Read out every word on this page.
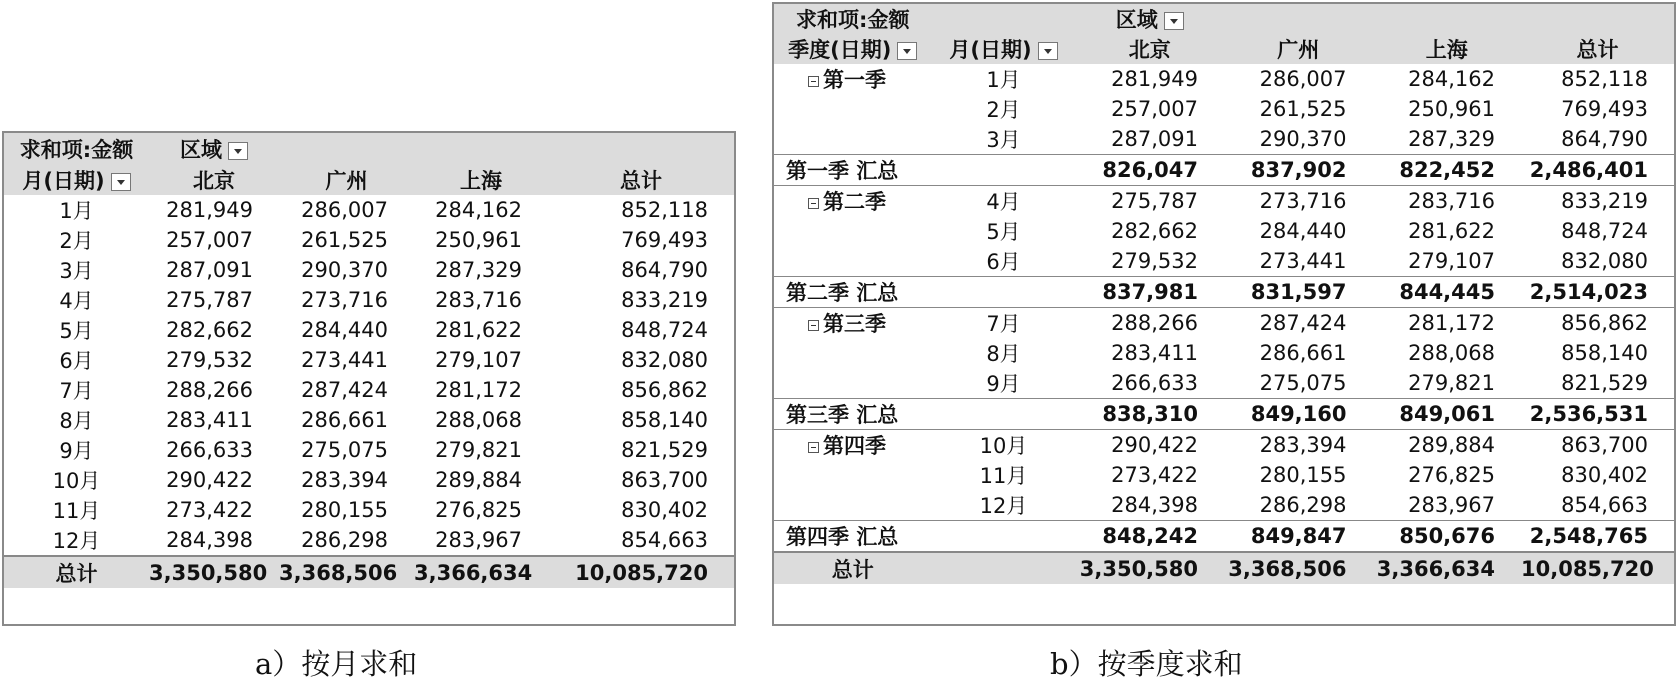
求和项:金额	区域			
月(日期)	北京	广州	上海	总计
1月	281,949	286,007	284,162	852,118
2月	257,007	261,525	250,961	769,493
3月	287,091	290,370	287,329	864,790
4月	275,787	273,716	283,716	833,219
5月	282,662	284,440	281,622	848,724
6月	279,532	273,441	279,107	832,080
7月	288,266	287,424	281,172	856,862
8月	283,411	286,661	288,068	858,140
9月	266,633	275,075	279,821	821,529
10月	290,422	283,394	289,884	863,700
11月	273,422	280,155	276,825	830,402
12月	284,398	286,298	283,967	854,663
总计	3,350,580	3,368,506	3,366,634	10,085,720
求和项:金额		区域			
季度(日期)	月(日期)	北京	广州	上海	总计
第一季	1月	281,949	286,007	284,162	852,118
	2月	257,007	261,525	250,961	769,493
	3月	287,091	290,370	287,329	864,790
第一季 汇总		826,047	837,902	822,452	2,486,401
第二季	4月	275,787	273,716	283,716	833,219
	5月	282,662	284,440	281,622	848,724
	6月	279,532	273,441	279,107	832,080
第二季 汇总		837,981	831,597	844,445	2,514,023
第三季	7月	288,266	287,424	281,172	856,862
	8月	283,411	286,661	288,068	858,140
	9月	266,633	275,075	279,821	821,529
第三季 汇总		838,310	849,160	849,061	2,536,531
第四季	10月	290,422	283,394	289,884	863,700
	11月	273,422	280,155	276,825	830,402
	12月	284,398	286,298	283,967	854,663
第四季 汇总		848,242	849,847	850,676	2,548,765
总计		3,350,580	3,368,506	3,366,634	10,085,720
a）按月求和	b）按季度求和
